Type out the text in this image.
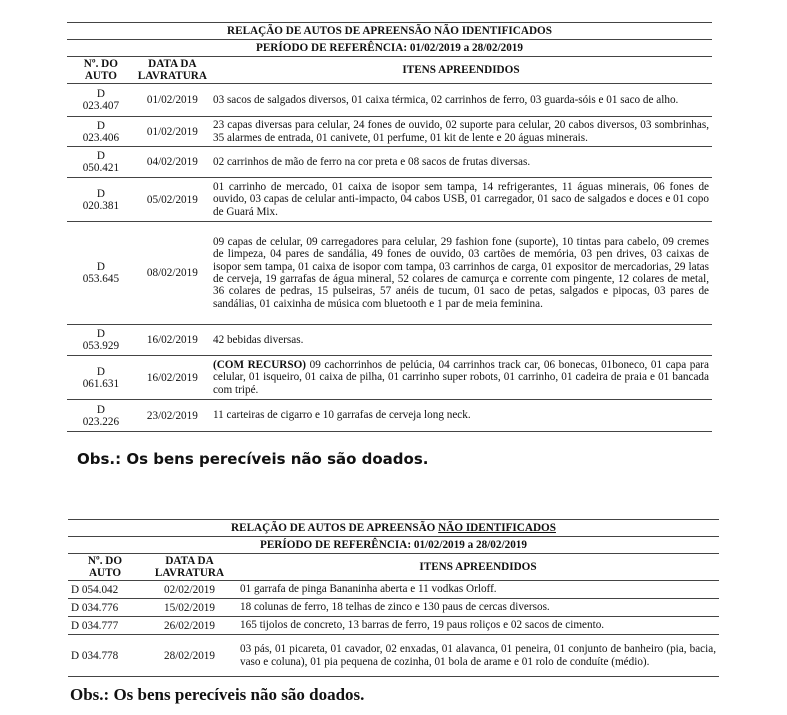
RELAÇÃO DE AUTOS DE APREENSÃO NÃO IDENTIFICADOS		
PERÍODO DE REFERÊNCIA: 01/02/2019 a 28/02/2019		
Nº. DO
AUTO	DATA DA
LAVRATURA	ITENS APREENDIDOS
D
023.407	01/02/2019	03 sacos de salgados diversos, 01 caixa térmica, 02 carrinhos de ferro, 03 guarda-sóis e 01 saco de alho.
D
023.406	01/02/2019	23 capas diversas para celular, 24 fones de ouvido, 02 suporte para celular, 20 cabos diversos, 03 sombrinhas, 35 alarmes de entrada, 01 canivete, 01 perfume, 01 kit de lente e 20 águas minerais.
D
050.421	04/02/2019	02 carrinhos de mão de ferro na cor preta e 08 sacos de frutas diversas.
D
020.381	05/02/2019	01 carrinho de mercado, 01 caixa de isopor sem tampa, 14 refrigerantes, 11 águas minerais, 06 fones de ouvido, 03 capas de celular anti-impacto, 04 cabos USB, 01 carregador, 01 saco de salgados e doces e 01 copo de Guará Mix.
D
053.645	08/02/2019	09 capas de celular, 09 carregadores para celular, 29 fashion fone (suporte), 10 tintas para cabelo, 09 cremes de limpeza, 04 pares de sandália, 49 fones de ouvido, 03 cartões de memória, 03 pen drives, 03 caixas de isopor sem tampa, 01 caixa de isopor com tampa, 03 carrinhos de carga, 01 expositor de mercadorias, 29 latas de cerveja, 19 garrafas de água mineral, 52 colares de camurça e corrente com pingente, 12 colares de metal, 36 colares de pedras, 15 pulseiras, 57 anéis de tucum, 01 saco de petas, salgados e pipocas, 03 pares de sandálias, 01 caixinha de música com bluetooth e 1 par de meia feminina.
D
053.929	16/02/2019	42 bebidas diversas.
D
061.631	16/02/2019	(COM RECURSO) 09 cachorrinhos de pelúcia, 04 carrinhos track car, 06 bonecas, 01boneco, 01 capa para celular, 01 isqueiro, 01 caixa de pilha, 01 carrinho super robots, 01 carrinho, 01 cadeira de praia e 01 bancada com tripé.
D
023.226	23/02/2019	11 carteiras de cigarro e 10 garrafas de cerveja long neck.
Obs.: Os bens perecíveis não são doados.
RELAÇÃO DE AUTOS DE APREENSÃO NÃO IDENTIFICADOS		
PERÍODO DE REFERÊNCIA: 01/02/2019 a 28/02/2019		
Nº. DO
AUTO	DATA DA
LAVRATURA	ITENS APREENDIDOS
D 054.042	02/02/2019	01 garrafa de pinga Bananinha aberta e 11 vodkas Orloff.
D 034.776	15/02/2019	18 colunas de ferro, 18 telhas de zinco e 130 paus de cercas diversos.
D 034.777	26/02/2019	165 tijolos de concreto, 13 barras de ferro, 19 paus roliços e 02 sacos de cimento.
D 034.778	28/02/2019	03 pás, 01 picareta, 01 cavador, 02 enxadas, 01 alavanca, 01 peneira, 01 conjunto de banheiro (pia, bacia, vaso e coluna), 01 pia pequena de cozinha, 01 bola de arame e 01 rolo de conduíte (médio).
Obs.: Os bens perecíveis não são doados.
